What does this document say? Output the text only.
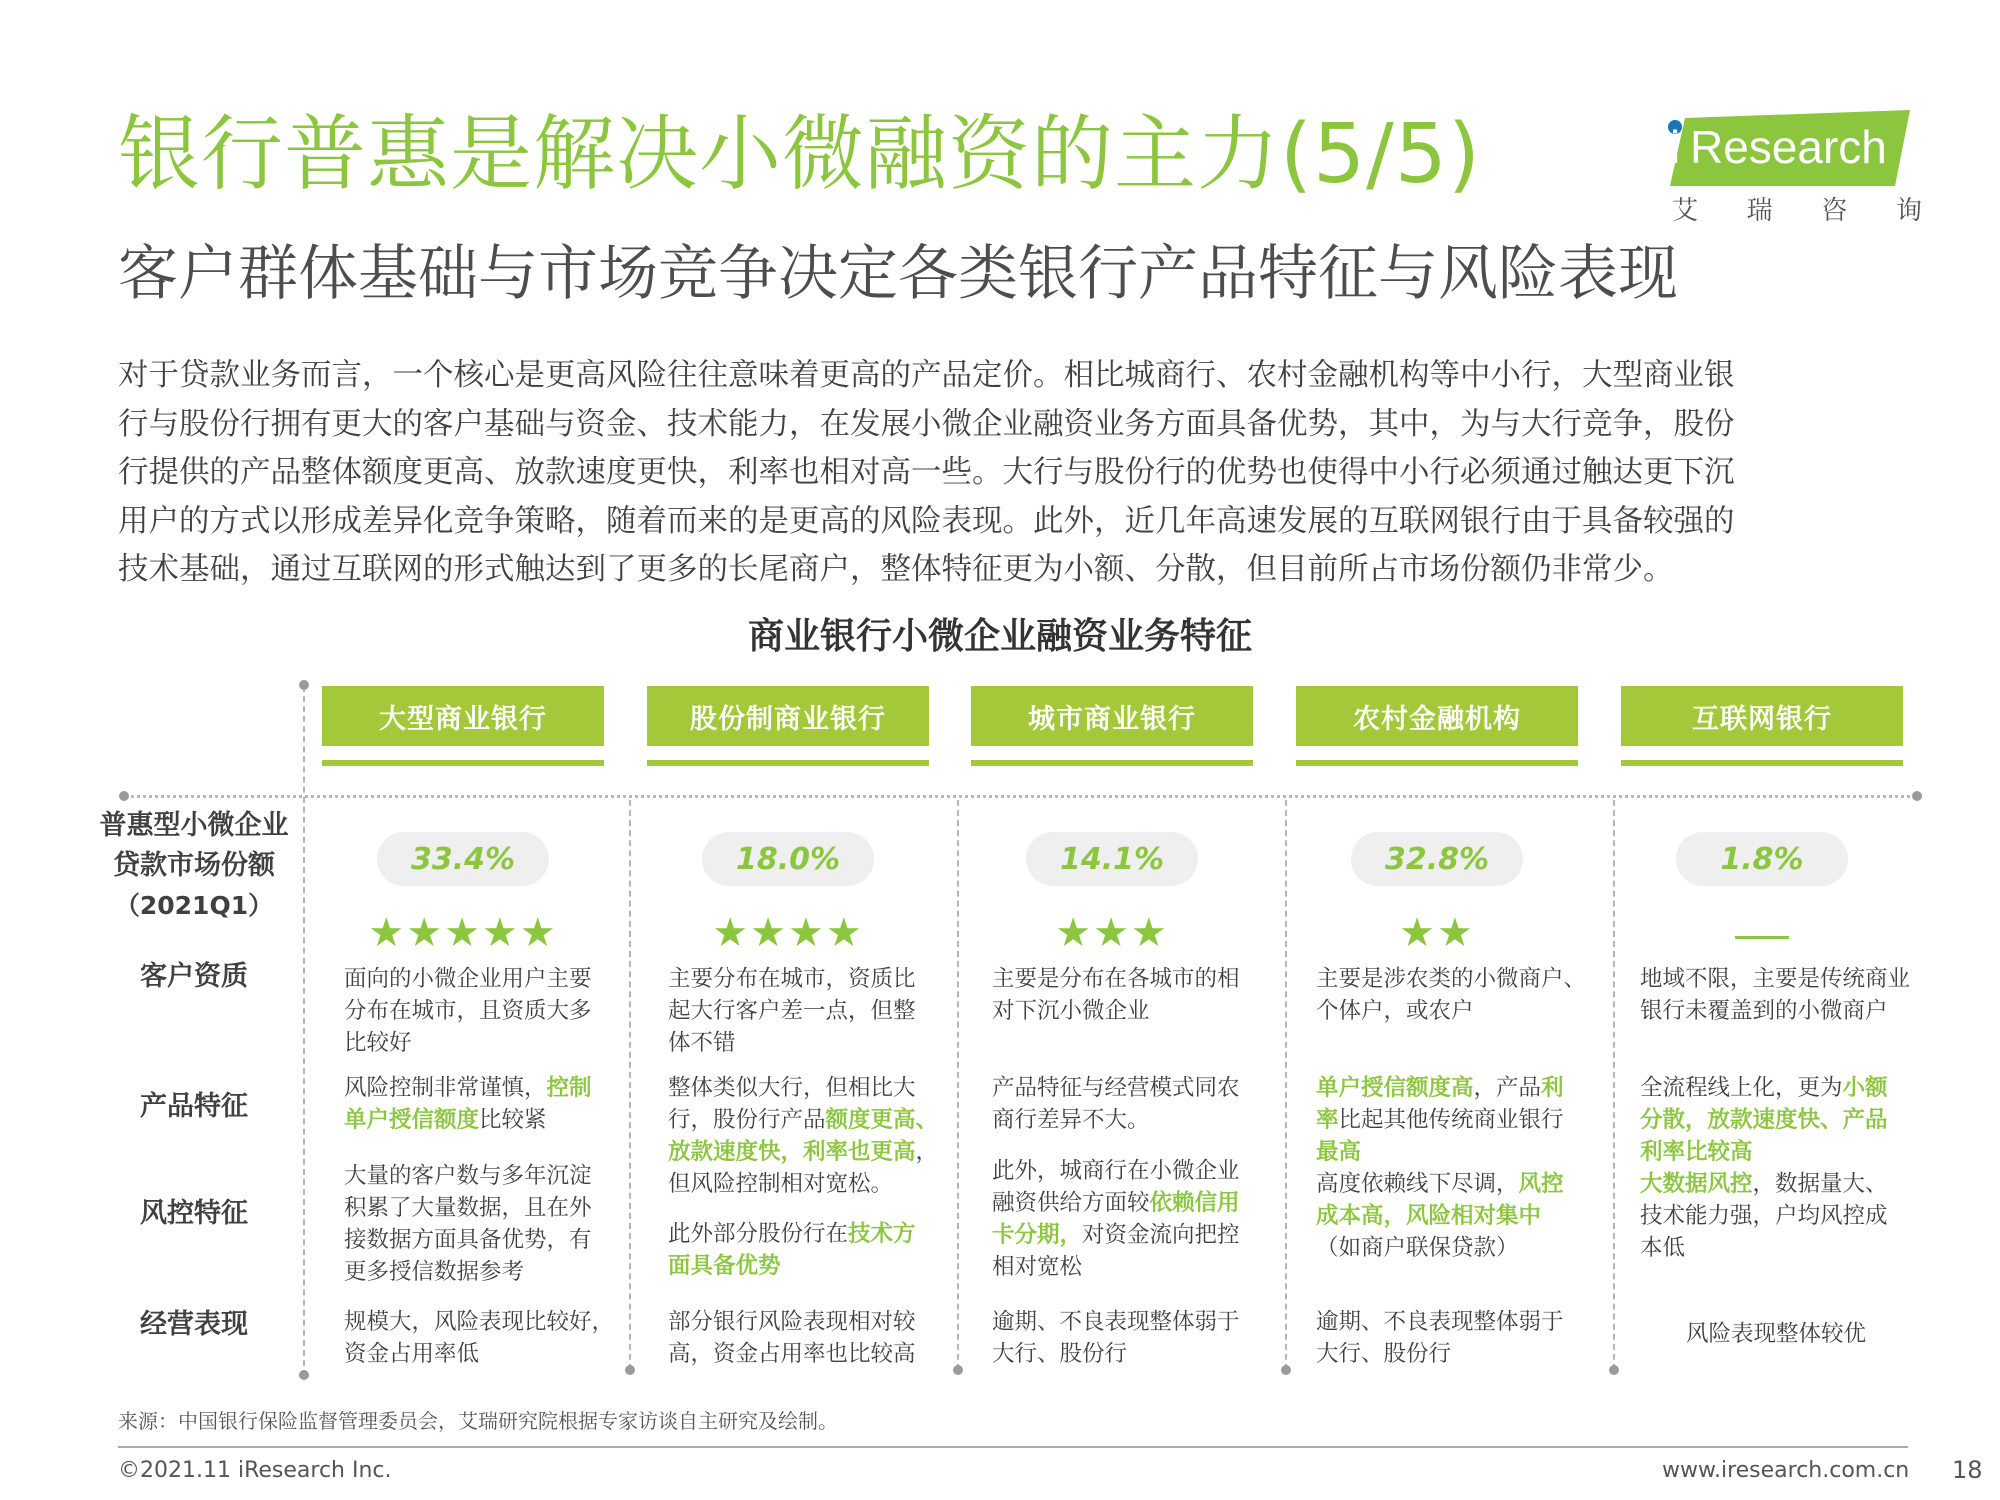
银行普惠是解决小微融资的主力(5/5)
客户群体基础与市场竞争决定各类银行产品特征与风险表现
i Research
艾 瑞 咨 询

对于贷款业务而言，一个核心是更高风险往往意味着更高的产品定价。相比城商行、农村金融机构等中小行，大型商业银

行与股份行拥有更大的客户基础与资金、技术能力，在发展小微企业融资业务方面具备优势，其中，为与大行竞争，股份

行提供的产品整体额度更高、放款速度更快，利率也相对高一些。大行与股份行的优势也使得中小行必须通过触达更下沉

用户的方式以形成差异化竞争策略，随着而来的是更高的风险表现。此外，近几年高速发展的互联网银行由于具备较强的

技术基础，通过互联网的形式触达到了更多的长尾商户，整体特征更为小额、分散，但目前所占市场份额仍非常少。

商业银行小微企业融资业务特征
普惠型小微企业
贷款市场份额
（2021Q1）
客户资质
产品特征
风控特征
经营表现
大型商业银行
33.4%
★★★★★
面向的小微企业用户主要
分布在城市，且资质大多
比较好
风险控制非常谨慎，控制
单户授信额度比较紧
大量的客户数与多年沉淀
积累了大量数据，且在外
接数据方面具备优势，有
更多授信数据参考
规模大，风险表现比较好，
资金占用率低
股份制商业银行
18.0%
★★★★
主要分布在城市，资质比
起大行客户差一点，但整
体不错
整体类似大行，但相比大
行，股份行产品额度更高、
放款速度快，利率也更高，
但风险控制相对宽松。
此外部分股份行在技术方
面具备优势
部分银行风险表现相对较
高，资金占用率也比较高
城市商业银行
14.1%
★★★
主要是分布在各城市的相
对下沉小微企业
产品特征与经营模式同农
商行差异不大。
此外，城商行在小微企业
融资供给方面较依赖信用
卡分期，对资金流向把控
相对宽松
逾期、不良表现整体弱于
大行、股份行
农村金融机构
32.8%
★★
主要是涉农类的小微商户、
个体户，或农户
单户授信额度高，产品利
率比起其他传统商业银行
最高
高度依赖线下尽调，风控
成本高，风险相对集中
（如商户联保贷款）
逾期、不良表现整体弱于
大行、股份行
互联网银行
1.8%
地域不限，主要是传统商业
银行未覆盖到的小微商户
全流程线上化，更为小额
分散，放款速度快、产品
利率比较高
大数据风控，数据量大、
技术能力强，户均风控成
本低
风险表现整体较优
来源：中国银行保险监督管理委员会，艾瑞研究院根据专家访谈自主研究及绘制。
©2021.11 iResearch Inc.	www.iresearch.com.cn 18
